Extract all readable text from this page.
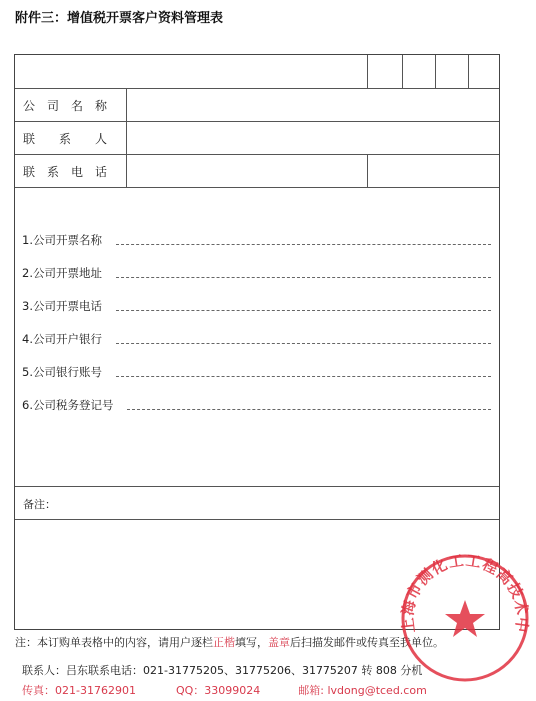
附件三：增值税开票客户资料管理表
公 司 名 称
联 系 人
联 系 电 话
1.公司开票名称
2.公司开票地址
3.公司开票电话
4.公司开户银行
5.公司银行账号
6.公司税务登记号
备注：
注：本订购单表格中的内容，请用户逐栏正楷填写，盖章后扫描发邮件或传真至我单位。
联系人：吕东联系电话：021-31775205、31775206、31775207 转 808 分机
传真：021-31762901	QQ：33099024	邮箱: lvdong@tced.com
上海市测化工工程高技术中
